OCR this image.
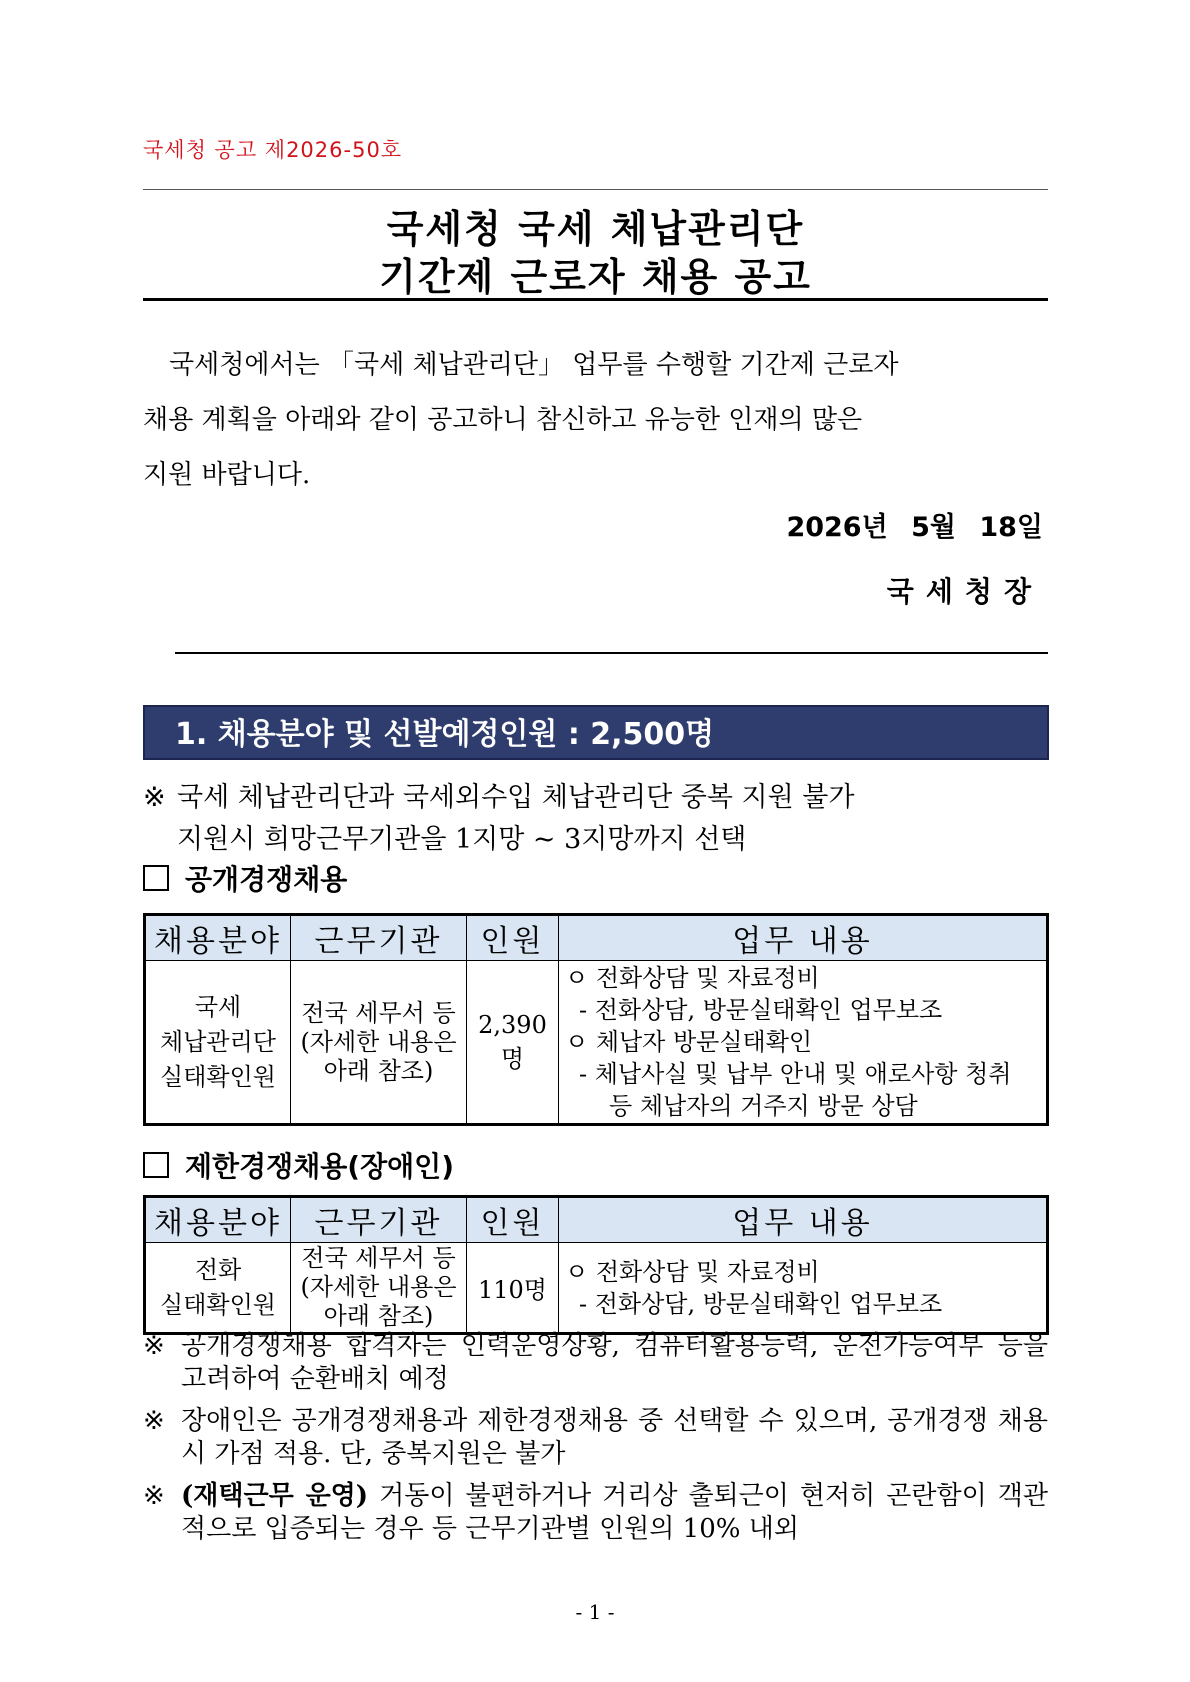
국세청 공고 제2026-50호
국세청 국세 체납관리단
기간제 근로자 채용 공고
국세청에서는 「국세 체납관리단」 업무를 수행할 기간제 근로자
채용 계획을 아래와 같이 공고하니 참신하고 유능한 인재의 많은
지원 바랍니다.
2026년 5월 18일
국세청장
1. 채용분야 및 선발예정인원 : 2,500명
※ 국세 체납관리단과 국세외수입 체납관리단 중복 지원 불가
지원시 희망근무기관을 1지망 ~ 3지망까지 선택
공개경쟁채용
채용분야	근무기관	인원	업무 내용

국세
체납관리단
실태확인원	전국 세무서 등
(자세한 내용은
아래 참조)	2,390명	ㅇ 전화상담 및 자료정비
- 전화상담, 방문실태확인 업무보조
ㅇ 체납자 방문실태확인
- 체납사실 및 납부 안내 및 애로사항 청취
등 체납자의 거주지 방문 상담
제한경쟁채용(장애인)
채용분야	근무기관	인원	업무 내용

전화
실태확인원	전국 세무서 등
(자세한 내용은
아래 참조)	110명	ㅇ 전화상담 및 자료정비
- 전화상담, 방문실태확인 업무보조
※ 공개경쟁채용 합격자는 인력운영상황, 컴퓨터활용능력, 운전가능여부 등을 고려하여 순환배치 예정
※ 장애인은 공개경쟁채용과 제한경쟁채용 중 선택할 수 있으며, 공개경쟁 채용시 가점 적용. 단, 중복지원은 불가
※ (재택근무 운영) 거동이 불편하거나 거리상 출퇴근이 현저히 곤란함이 객관적으로 입증되는 경우 등 근무기관별 인원의 10% 내외
- 1 -
